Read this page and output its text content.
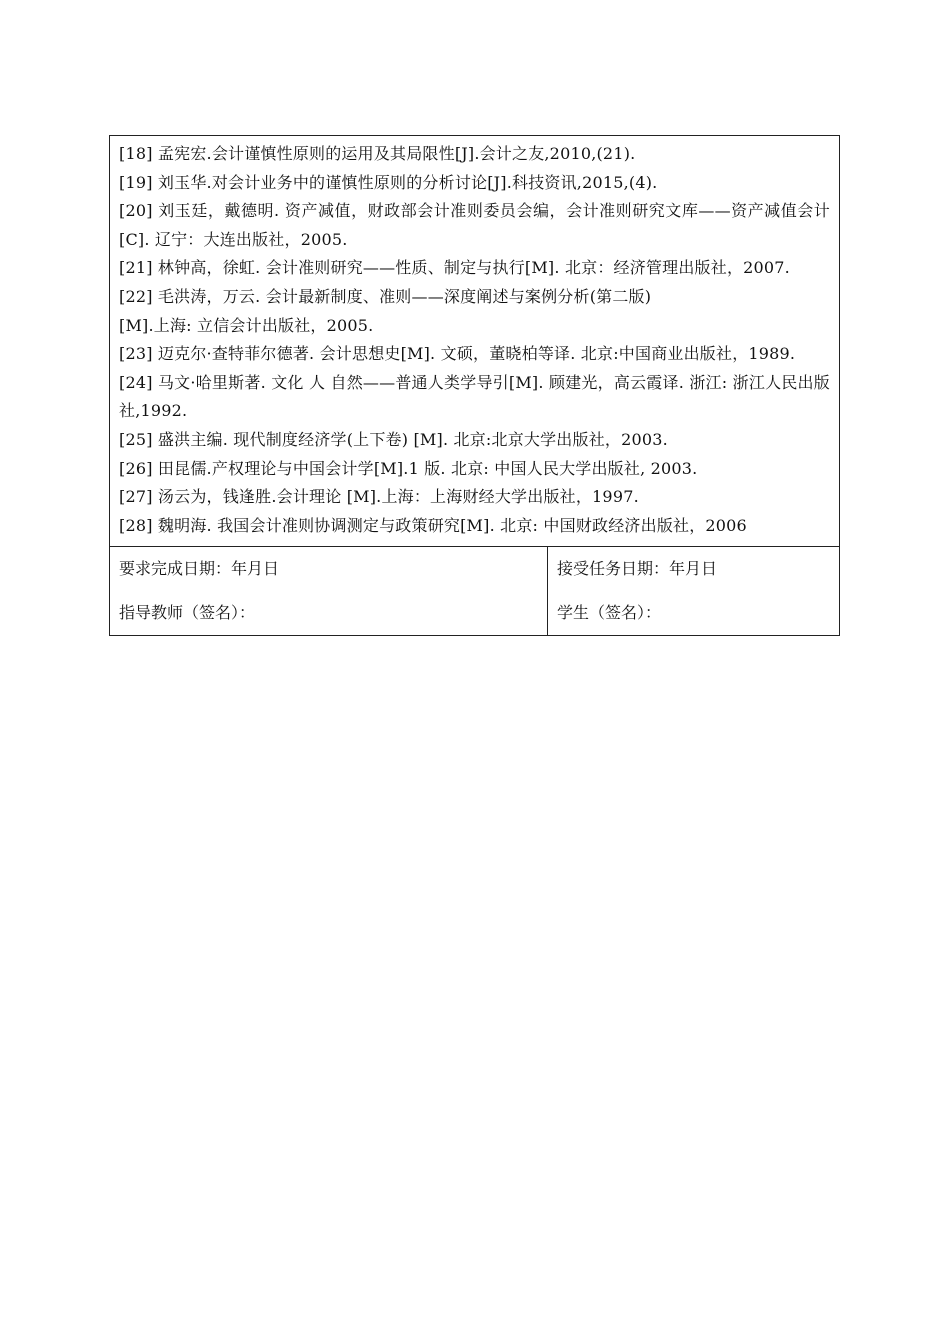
[18] 孟宪宏.会计谨慎性原则的运用及其局限性[J].会计之友,2010,(21).

[19] 刘玉华.对会计业务中的谨慎性原则的分析讨论[J].科技资讯,2015,(4).

[20] 刘玉廷，戴德明. 资产减值，财政部会计准则委员会编，会计准则研究文库——资产减值会计[C]. 辽宁：大连出版社，2005.

[21] 林钟高，徐虹. 会计准则研究——性质、制定与执行[M]. 北京：经济管理出版社，2007.

[22] 毛洪涛，万云. 会计最新制度、准则——深度阐述与案例分析(第二版)

[M].上海: 立信会计出版社，2005.

[23] 迈克尔·查特菲尔德著. 会计思想史[M]. 文硕，董晓柏等译. 北京:中国商业出版社，1989.

[24] 马文·哈里斯著. 文化 人 自然——普通人类学导引[M]. 顾建光，高云霞译. 浙江: 浙江人民出版社,1992.

[25] 盛洪主编. 现代制度经济学(上下卷) [M]. 北京:北京大学出版社，2003.

[26] 田昆儒.产权理论与中国会计学[M].1 版. 北京: 中国人民大学出版社, 2003.

[27] 汤云为，钱逢胜.会计理论 [M].上海：上海财经大学出版社，1997.

[28] 魏明海. 我国会计准则协调测定与政策研究[M]. 北京: 中国财政经济出版社，2006

要求完成日期：年月日
指导教师（签名）：
接受任务日期：年月日
学生（签名）：
